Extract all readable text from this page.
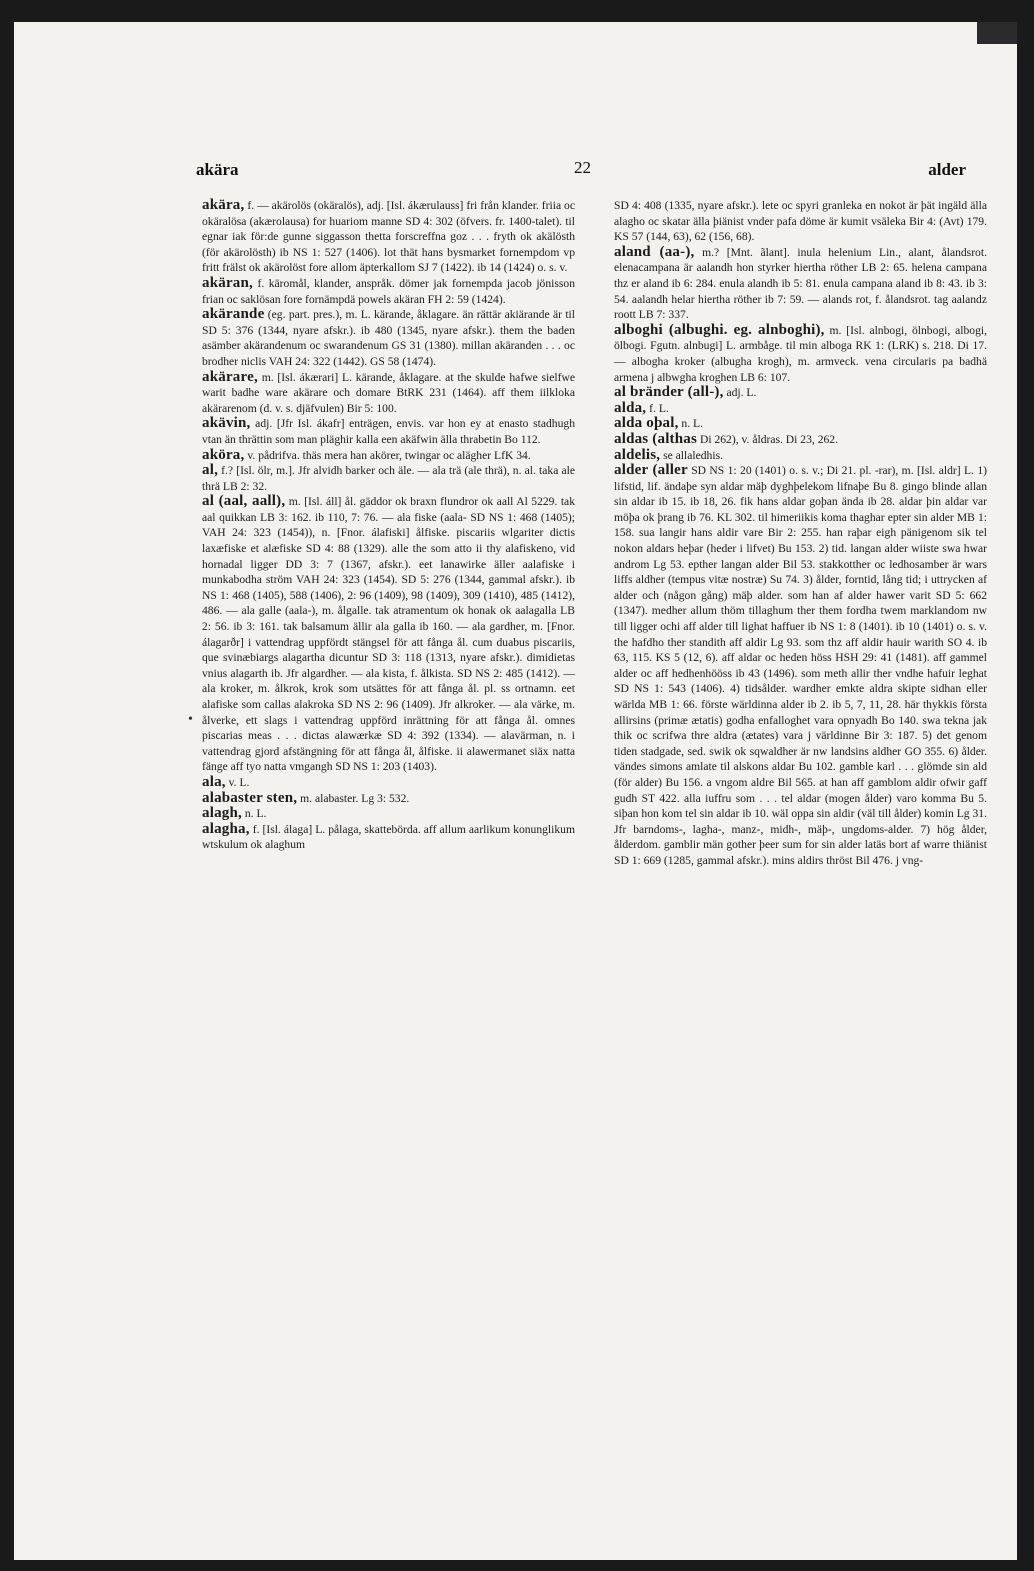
akära	22	alder
•

akära, f. — akärolös (okäralös), adj. [Isl. ákærulauss] fri från klander. friia oc okäralösa (akærolausa) for huariom manne SD 4: 302 (öfvers. fr. 1400-talet). til egnar iak för:de gunne siggasson thetta forscreffna goz . . . fryth ok akälösth (för akärolösth) ib NS 1: 527 (1406). lot thät hans bysmarket fornempdom vp fritt frälst ok akärolöst fore allom äpterkallom SJ 7 (1422). ib 14 (1424) o. s. v.

akäran, f. käromål, klander, anspråk. dömer jak fornempda jacob jönisson frian oc saklösan fore fornämpdä powels akäran FH 2: 59 (1424).

akärande (eg. part. pres.), m. L. kärande, åklagare. än rättär akiärande är til SD 5: 376 (1344, nyare afskr.). ib 480 (1345, nyare afskr.). them the baden asämber akärandenum oc swarandenum GS 31 (1380). millan akäranden . . . oc brodher niclis VAH 24: 322 (1442). GS 58 (1474).

akärare, m. [Isl. ákærari] L. kärande, åklagare. at the skulde hafwe sielfwe warit badhe ware akärare och domare BtRK 231 (1464). aff them iilkloka akärarenom (d. v. s. djäfvulen) Bir 5: 100.

akävin, adj. [Jfr Isl. ákafr] enträgen, envis. var hon ey at enasto stadhugh vtan än thrättin som man pläghir kalla een akäfwin älla thrabetin Bo 112.

aköra, v. pådrifva. thäs mera han akörer, twingar oc alägher LfK 34.

al, f.? [Isl. ölr, m.]. Jfr alvidh barker och äle. — ala trä (ale thrä), n. al. taka ale thrä LB 2: 32.

al (aal, aall), m. [Isl. áll] ål. gäddor ok braxn flundror ok aall Al 5229. tak aal quikkan LB 3: 162. ib 110, 7: 76. — ala fiske (aala- SD NS 1: 468 (1405); VAH 24: 323 (1454)), n. [Fnor. álafiski] ålfiske. piscariis wlgariter dictis laxæfiske et alæfiske SD 4: 88 (1329). alle the som atto ii thy alafiskeno, vid hornadal ligger DD 3: 7 (1367, afskr.). eet lanawirke äller aalafiske i munkabodha ström VAH 24: 323 (1454). SD 5: 276 (1344, gammal afskr.). ib NS 1: 468 (1405), 588 (1406), 2: 96 (1409), 98 (1409), 309 (1410), 485 (1412), 486. — ala galle (aala-), m. ålgalle. tak atramentum ok honak ok aalagalla LB 2: 56. ib 3: 161. tak balsamum ällir ala galla ib 160. — ala gardher, m. [Fnor. álagarðr] i vattendrag uppfördt stängsel för att fånga ål. cum duabus piscariis, que svinæbiargs alagartha dicuntur SD 3: 118 (1313, nyare afskr.). dimidietas vnius alagarth ib. Jfr algardher. — ala kista, f. ålkista. SD NS 2: 485 (1412). — ala kroker, m. ålkrok, krok som utsättes för att fånga ål. pl. ss ortnamn. eet alafiske som callas alakroka SD NS 2: 96 (1409). Jfr alkroker. — ala värke, m. ålverke, ett slags i vattendrag uppförd inrättning för att fånga ål. omnes piscarias meas . . . dictas alawærkæ SD 4: 392 (1334). — alavärman, n. i vattendrag gjord afstängning för att fånga ål, ålfiske. ii alawermanet siäx natta fänge aff tyo natta vmgangh SD NS 1: 203 (1403).

ala, v. L.

alabaster sten, m. alabaster. Lg 3: 532.

alagh, n. L.

alagha, f. [Isl. álaga] L. pålaga, skattebörda. aff allum aarlikum konunglikum wtskulum ok alaghum

SD 4: 408 (1335, nyare afskr.). lete oc spyri granleka en nokot är þät ingäld älla alagho oc skatar älla þiänist vnder pafa döme är kumit vsäleka Bir 4: (Avt) 179. KS 57 (144, 63), 62 (156, 68).

aland (aa-), m.? [Mnt. ãlant]. inula helenium Lin., alant, ålandsrot. elenacampana är aalandh hon styrker hiertha röther LB 2: 65. helena campana thz er aland ib 6: 284. enula alandh ib 5: 81. enula campana aland ib 8: 43. ib 3: 54. aalandh helar hiertha röther ib 7: 59. — alands rot, f. ålandsrot. tag aalandz roott LB 7: 337.

alboghi (albughi. eg. alnboghi), m. [Isl. alnbogi, ölnbogi, albogi, ölbogi. Fgutn. alnbugi] L. armbåge. til min alboga RK 1: (LRK) s. 218. Di 17. — albogha kroker (albugha krogh), m. armveck. vena circularis pa badhä armena j albwgha kroghen LB 6: 107.

al bränder (all-), adj. L.

alda, f. L.

alda oþal, n. L.

aldas (althas Di 262), v. åldras. Di 23, 262.

aldelis, se allaledhis.

alder (aller SD NS 1: 20 (1401) o. s. v.; Di 21. pl. -rar), m. [Isl. aldr] L. 1) lifstid, lif. ändaþe syn aldar mäþ dyghþelekom lifnaþe Bu 8. gingo blinde allan sin aldar ib 15. ib 18, 26. fik hans aldar goþan ända ib 28. aldar þin aldar var möþa ok þrang ib 76. KL 302. til himeriikis koma thaghar epter sin alder MB 1: 158. sua langir hans aldir vare Bir 2: 255. han raþar eigh pänigenom sik tel nokon aldars heþar (heder i lifvet) Bu 153. 2) tid. langan alder wiiste swa hwar androm Lg 53. epther langan alder Bil 53. stakkotther oc ledhosamber är wars liffs aldher (tempus vitæ nostræ) Su 74. 3) ålder, forntid, lång tid; i uttrycken af alder och (någon gång) mäþ alder. som han af alder hawer varit SD 5: 662 (1347). medher allum thöm tillaghum ther them fordha twem marklandom nw till ligger ochi aff alder till lighat haffuer ib NS 1: 8 (1401). ib 10 (1401) o. s. v. the hafdho ther standith aff aldir Lg 93. som thz aff aldir hauir warith SO 4. ib 63, 115. KS 5 (12, 6). aff aldar oc heden höss HSH 29: 41 (1481). aff gammel alder oc aff hedhenhööss ib 43 (1496). som meth allir ther vndhe hafuir leghat SD NS 1: 543 (1406). 4) tidsålder. wardher emkte aldra skipte sidhan eller wärlda MB 1: 66. förste wärldinna alder ib 2. ib 5, 7, 11, 28. här thykkis första allirsins (primæ ætatis) godha enfalloghet vara opnyadh Bo 140. swa tekna jak thik oc scrifwa thre aldra (ætates) vara j världinne Bir 3: 187. 5) det genom tiden stadgade, sed. swik ok sqwaldher är nw landsins aldher GO 355. 6) ålder. vändes simons amlate til alskons aldar Bu 102. gamble karl . . . glömde sin ald (för alder) Bu 156. a vngom aldre Bil 565. at han aff gamblom aldir ofwir gaff gudh ST 422. alla iuffru som . . . tel aldar (mogen ålder) varo komma Bu 5. siþan hon kom tel sin aldar ib 10. wäl oppa sin aldir (väl till ålder) komin Lg 31. Jfr barndoms-, lagha-, manz-, midh-, mäþ-, ungdoms-alder. 7) hög ålder, ålderdom. gamblir män gother þeer sum for sin alder latäs bort af warre thiänist SD 1: 669 (1285, gammal afskr.). mins aldirs thröst Bil 476. j vng-
